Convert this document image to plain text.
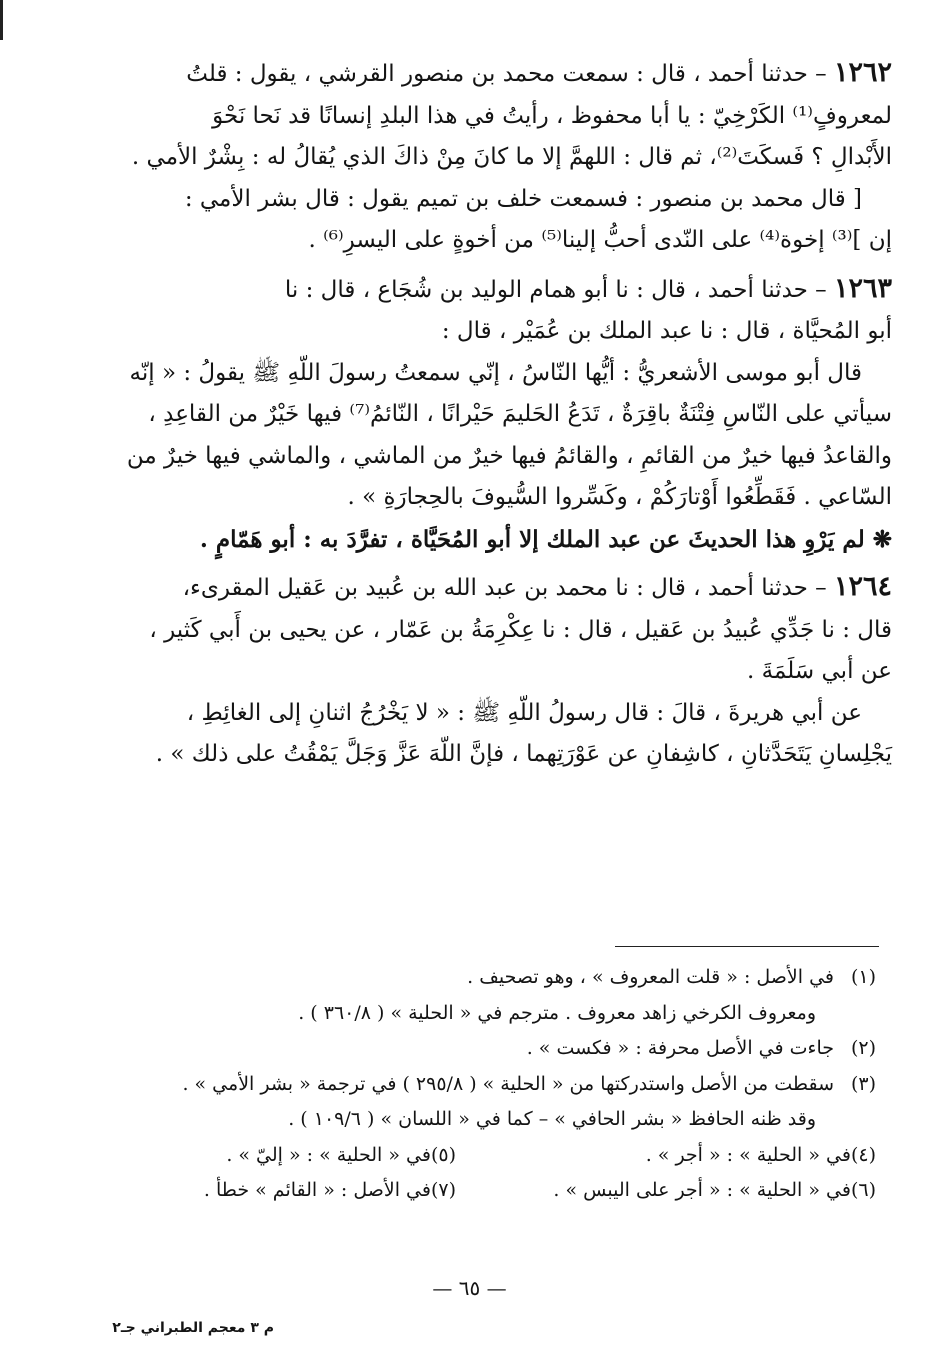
١٢٦٢ – حدثنا أحمد ، قال : سمعت محمد بن منصور القرشي ، يقول : قلتُ

لمعروفٍ⁽¹⁾ الكَرْخِيّ : يا أبا محفوظ ، رأيتُ في هذا البلدِ إنسانًا قد نَحا نَحْوَ

الأَبْدالِ ؟ فَسكَتَ⁽²⁾، ثم قال : اللهمَّ إلا ما كانَ مِنْ ذاكَ الذي يُقالُ له : بِشْرٌ الأمي .

[ قال محمد بن منصور : فسمعت خلف بن تميم يقول : قال بشر الأمي :

إن ]⁽³⁾ إخوة⁽⁴⁾ على النّدى أحبُّ إلينا⁽⁵⁾ من أخوةٍ على اليسرِ⁽⁶⁾ .

١٢٦٣ – حدثنا أحمد ، قال : نا أبو همام الوليد بن شُجَاع ، قال : نا

أبو المُحيَّاة ، قال : نا عبد الملك بن عُمَيْر ، قال :

قال أبو موسى الأشعريُّ : أيُّها النّاسُ ، إنّي سمعتُ رسولَ اللّهِ ﷺ يقولُ : « إنّه

سيأتي على النّاسِ فِتْنَةٌ باقِرَةٌ ، تَدَعُ الحَليمَ حَيْرانًا ، النّائمُ⁽⁷⁾ فيها خَيْرٌ من القاعِدِ ،

والقاعدُ فيها خيرٌ من القائمِ ، والقائمُ فيها خيرٌ من الماشي ، والماشي فيها خيرٌ من

السّاعي . فَقَطِّعُوا أَوْتارَكُمْ ، وكَسِّروا السُّيوفَ بالحِجارَةِ » .

❋ لم يَرْوِ هذا الحديثَ عن عبد الملك إلا أبو المُحَيَّاة ، تفرَّدَ به : أبو هَمّامٍ .

١٢٦٤ – حدثنا أحمد ، قال : نا محمد بن عبد الله بن عُبيد بن عَقيل المقرىء،

قال : نا جَدِّي عُبيدُ بن عَقيل ، قال : نا عِكْرِمَةُ بن عَمّار ، عن يحيى بن أَبي كَثير ،

عن أبي سَلَمَةَ .

عن أبي هريرةَ ، قالَ : قال رسولُ اللّهِ ﷺ : « لا يَخْرُجُ اثنانِ إلى الغائِطِ ،

يَجْلِسانِ يَتَحَدَّثانِ ، كاشِفانِ عن عَوْرَتِهما ، فإنَّ اللّهَ عَزَّ وَجَلَّ يَمْقُتُ على ذلك » .

(١)في الأصل : « قلت المعروف » ، وهو تصحيف .

ومعروف الكرخي زاهد معروف . مترجم في « الحلية » ( ٣٦٠/٨ ) .

(٢)جاءت في الأصل محرفة : « فكست » .

(٣)سقطت من الأصل واستدركتها من « الحلية » ( ٢٩٥/٨ ) في ترجمة « بشر الأمي » .

وقد ظنه الحافظ « بشر الحافي » – كما في « اللسان » ( ١٠٩/٦ ) .

(٤)في « الحلية » : « أجر » .
(٥)في « الحلية » : « إليّ » .
(٦)في « الحلية » : « أجر على اليبس » .
(٧)في الأصل : « القائم » خطأ .
— ٦٥ —
م ٣ معجم الطبراني جـ٢
